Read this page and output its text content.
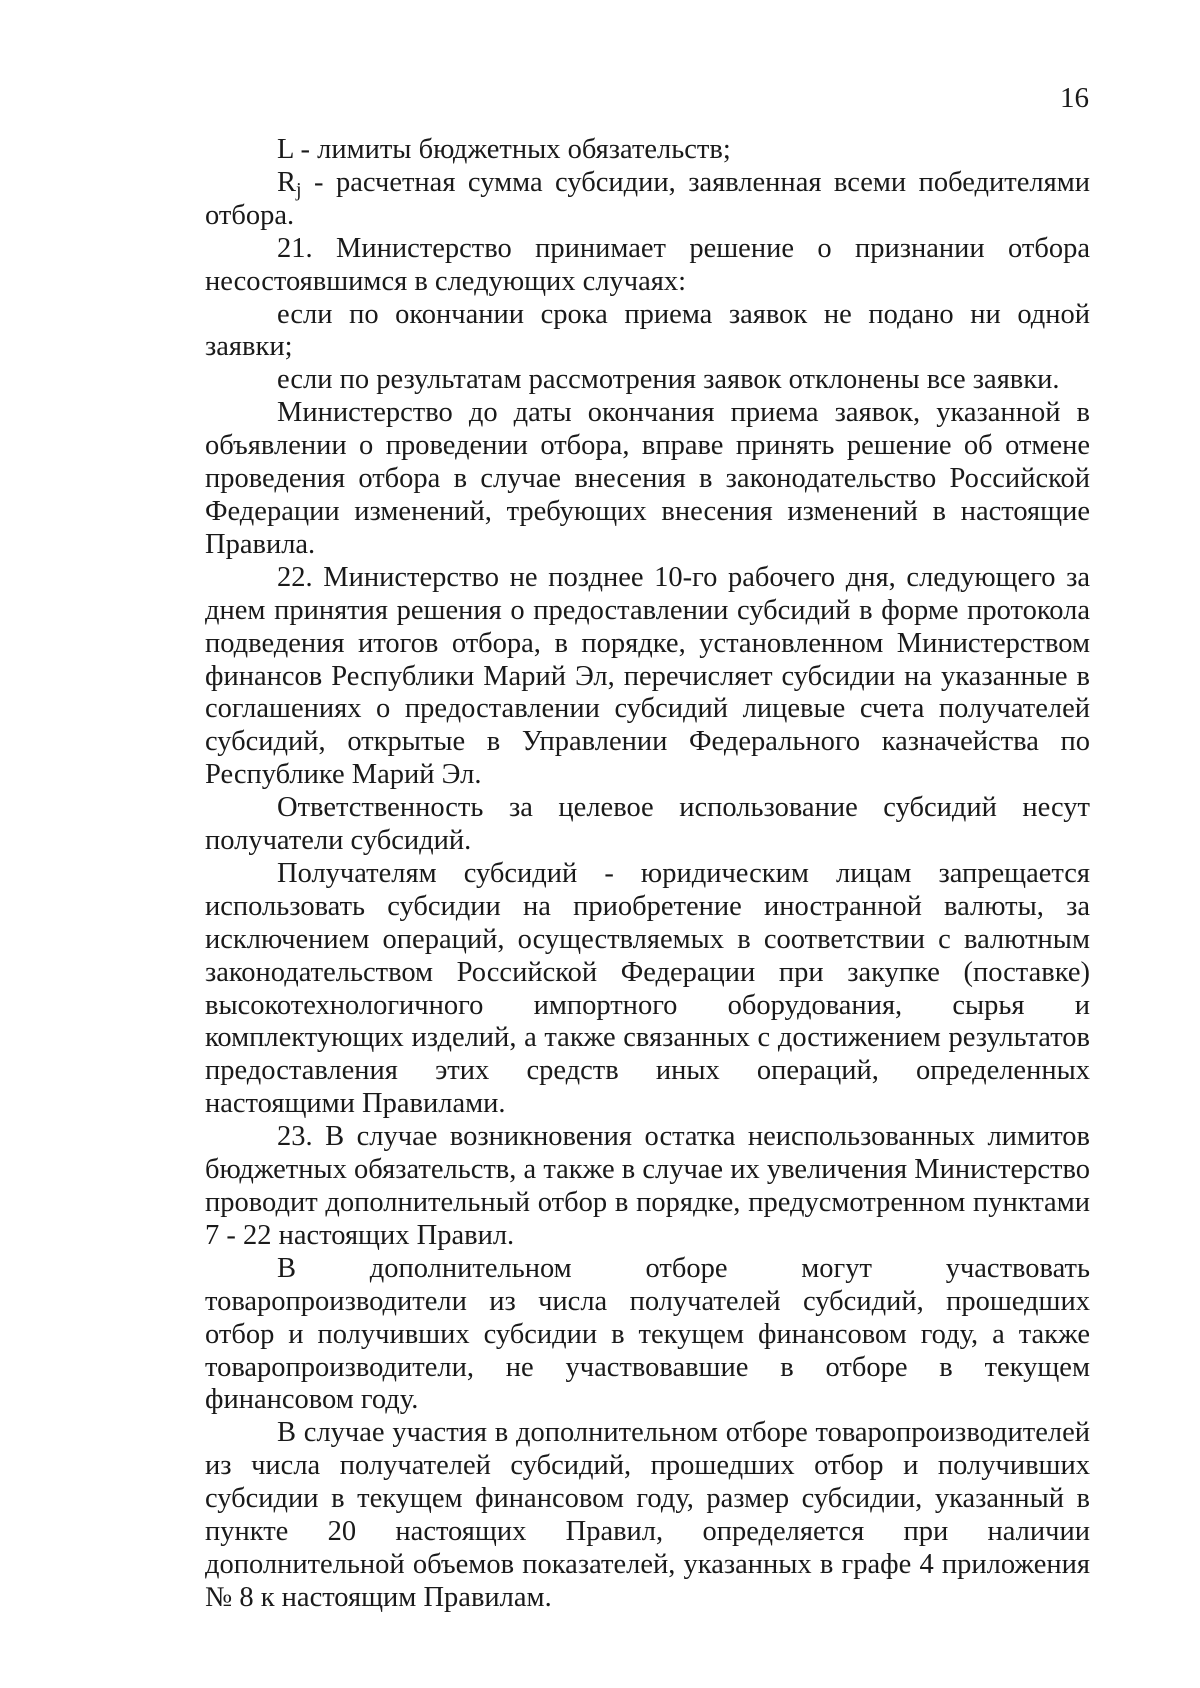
16

L - лимиты бюджетных обязательств;

$R_j$ - расчетная сумма субсидии, заявленная всеми победителями отбора.

21. Министерство принимает решение о признании отбора несостоявшимся в следующих случаях:

если по окончании срока приема заявок не подано ни одной заявки;

если по результатам рассмотрения заявок отклонены все заявки.

Министерство до даты окончания приема заявок, указанной в объявлении о проведении отбора, вправе принять решение об отмене проведения отбора в случае внесения в законодательство Российской Федерации изменений, требующих внесения изменений в настоящие Правила.

22. Министерство не позднее 10-го рабочего дня, следующего за днем принятия решения о предоставлении субсидий в форме протокола подведения итогов отбора, в порядке, установленном Министерством финансов Республики Марий Эл, перечисляет субсидии на указанные в соглашениях о предоставлении субсидий лицевые счета получателей субсидий, открытые в Управлении Федерального казначейства по Республике Марий Эл.

Ответственность за целевое использование субсидий несут получатели субсидий.

Получателям субсидий - юридическим лицам запрещается использовать субсидии на приобретение иностранной валюты, за исключением операций, осуществляемых в соответствии с валютным законодательством Российской Федерации при закупке (поставке) высокотехнологичного импортного оборудования, сырья и комплектующих изделий, а также связанных с достижением результатов предоставления этих средств иных операций, определенных настоящими Правилами.

23. В случае возникновения остатка неиспользованных лимитов бюджетных обязательств, а также в случае их увеличения Министерство проводит дополнительный отбор в порядке, предусмотренном пунктами 7 - 22 настоящих Правил.

В дополнительном отборе могут участвовать товаропроизводители из числа получателей субсидий, прошедших отбор и получивших субсидии в текущем финансовом году, а также товаропроизводители, не участвовавшие в отборе в текущем финансовом году.

В случае участия в дополнительном отборе товаропроизводителей из числа получателей субсидий, прошедших отбор и получивших субсидии в текущем финансовом году, размер субсидии, указанный в пункте 20 настоящих Правил, определяется при наличии дополнительной объемов показателей, указанных в графе 4 приложения № 8 к настоящим Правилам.
